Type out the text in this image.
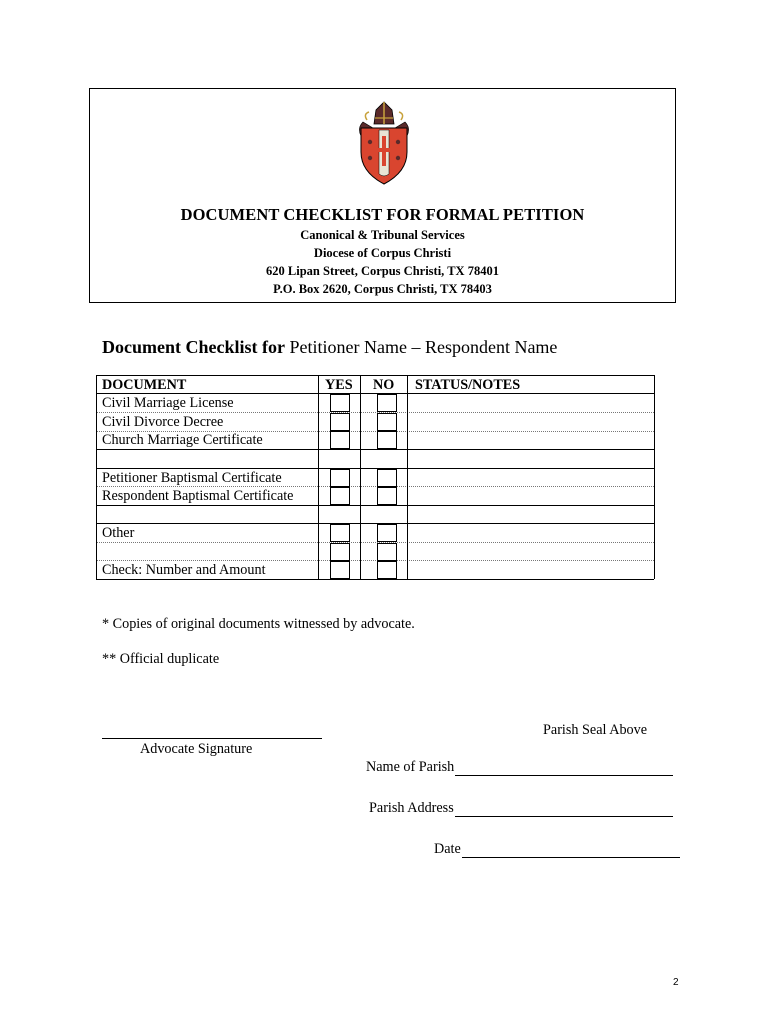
DOCUMENT CHECKLIST FOR FORMAL PETITION
Canonical & Tribunal Services
Diocese of Corpus Christi
620 Lipan Street, Corpus Christi, TX 78401
P.O. Box 2620, Corpus Christi, TX 78403
Document Checklist for Petitioner Name – Respondent Name
DOCUMENT	YES NO STATUS/NOTES
Civil Marriage License
Civil Divorce Decree
Church Marriage Certificate
Petitioner Baptismal Certificate
Respondent Baptismal Certificate
Other
Check: Number and Amount
* Copies of original documents witnessed by advocate.
** Official duplicate
Advocate Signature
Parish Seal Above
Name of Parish
Parish Address
Date
2
